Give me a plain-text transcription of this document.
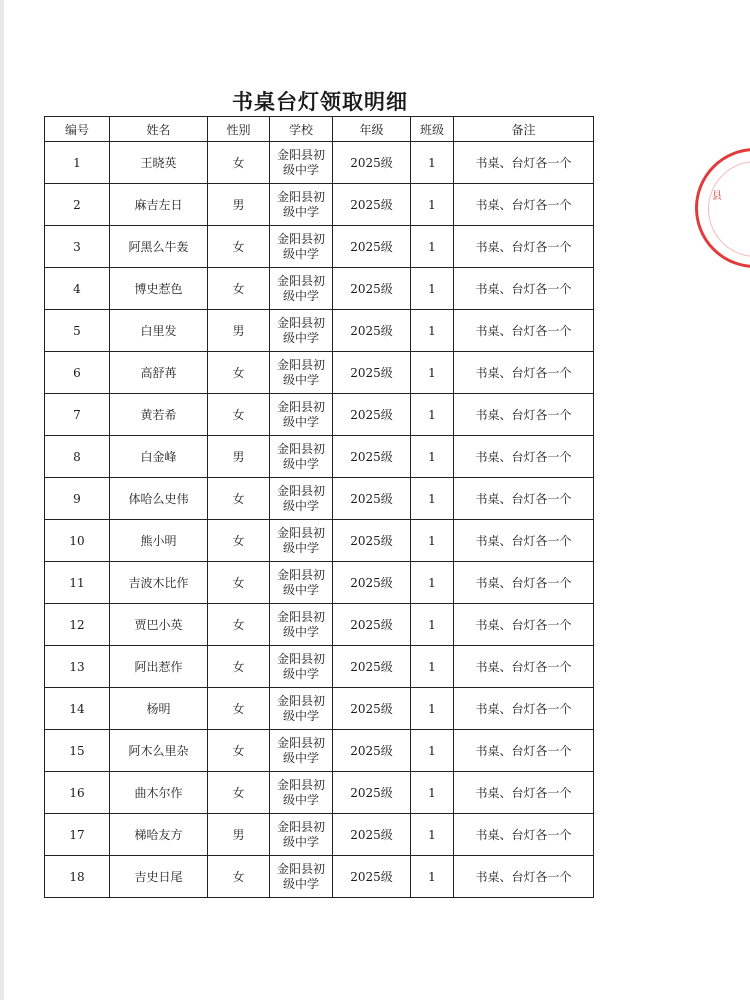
书桌台灯领取明细
县
编号	姓名	性别	学校	年级	班级	备注
1	王晓英	女	金阳县初级中学	2025级	1	书桌、台灯各一个
2	麻吉左日	男	金阳县初级中学	2025级	1	书桌、台灯各一个
3	阿黑么牛轰	女	金阳县初级中学	2025级	1	书桌、台灯各一个
4	博史惹色	女	金阳县初级中学	2025级	1	书桌、台灯各一个
5	白里发	男	金阳县初级中学	2025级	1	书桌、台灯各一个
6	高舒苒	女	金阳县初级中学	2025级	1	书桌、台灯各一个
7	黄若希	女	金阳县初级中学	2025级	1	书桌、台灯各一个
8	白金峰	男	金阳县初级中学	2025级	1	书桌、台灯各一个
9	体哈么史伟	女	金阳县初级中学	2025级	1	书桌、台灯各一个
10	熊小明	女	金阳县初级中学	2025级	1	书桌、台灯各一个
11	吉波木比作	女	金阳县初级中学	2025级	1	书桌、台灯各一个
12	贾巴小英	女	金阳县初级中学	2025级	1	书桌、台灯各一个
13	阿出惹作	女	金阳县初级中学	2025级	1	书桌、台灯各一个
14	杨明	女	金阳县初级中学	2025级	1	书桌、台灯各一个
15	阿木么里杂	女	金阳县初级中学	2025级	1	书桌、台灯各一个
16	曲木尔作	女	金阳县初级中学	2025级	1	书桌、台灯各一个
17	梯哈友方	男	金阳县初级中学	2025级	1	书桌、台灯各一个
18	吉史日尾	女	金阳县初级中学	2025级	1	书桌、台灯各一个
